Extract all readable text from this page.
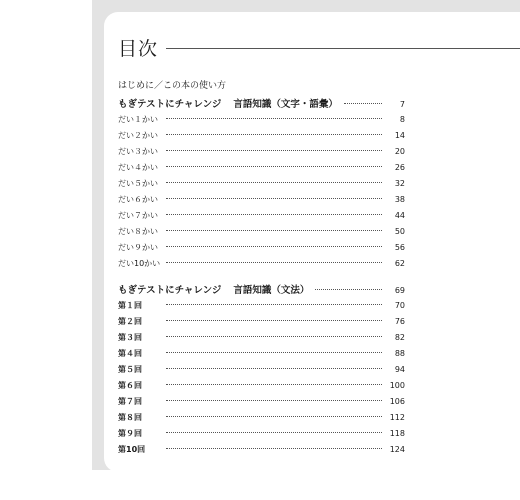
目次
はじめに／この本の使い方
もぎテストにチャレンジ 言語知識（文字・語彙）	7
だい１かい	8
だい２かい	14
だい３かい	20
だい４かい	26
だい５かい	32
だい６かい	38
だい７かい	44
だい８かい	50
だい９かい	56
だい10かい	62
もぎテストにチャレンジ 言語知識（文法）	69
第１回	70
第２回	76
第３回	82
第４回	88
第５回	94
第６回	100
第７回	106
第８回	112
第９回	118
第10回	124
